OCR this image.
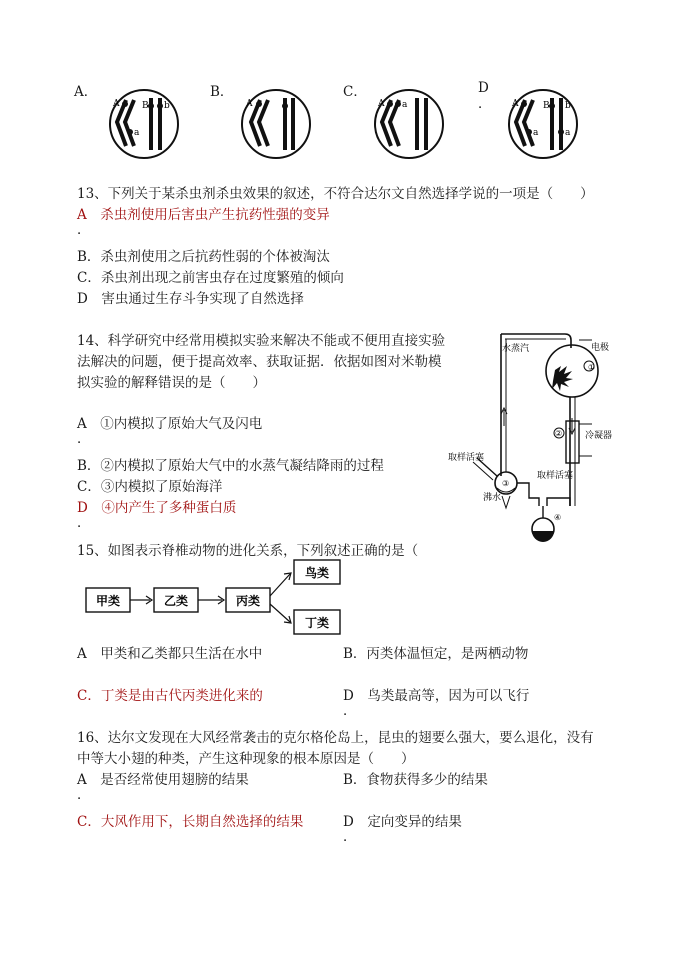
A．
A	B b
a
B．
A
C．
A a
D
． A	B b
a	a
13、下列关于某杀虫剂杀虫效果的叙述，不符合达尔文自然选择学说的一项是（　　）
A　杀虫剂使用后害虫产生抗药性强的变异
．
B．杀虫剂使用之后抗药性弱的个体被淘汰
C．杀虫剂出现之前害虫存在过度繁殖的倾向
D　害虫通过生存斗争实现了自然选择
14、科学研究中经常用模拟实验来解决不能或不便用直接实验
法解决的问题，便于提高效率、获取证据．依据如图对米勒模
拟实验的解释错误的是（　　）
A　①内模拟了原始大气及闪电
．
B．②内模拟了原始大气中的水蒸气凝结降雨的过程
C．③内模拟了原始海洋
D　④内产生了多种蛋白质
．
水蒸汽	电极
①
②	冷凝器
取样活塞
取样活塞
③
沸水
④
15、如图表示脊椎动物的进化关系，下列叙述正确的是（
甲类	乙类	丙类
鸟类
丁类
A　甲类和乙类都只生活在水中	B．丙类体温恒定，是两栖动物
C．丁类是由古代丙类进化来的	D　鸟类最高等，因为可以飞行
．
16、达尔文发现在大风经常袭击的克尔格伦岛上，昆虫的翅要么强大，要么退化，没有
中等大小翅的种类，产生这种现象的根本原因是（　　）
A　是否经常使用翅膀的结果
．
B．食物获得多少的结果
C．大风作用下，长期自然选择的结果	D　定向变异的结果
．
